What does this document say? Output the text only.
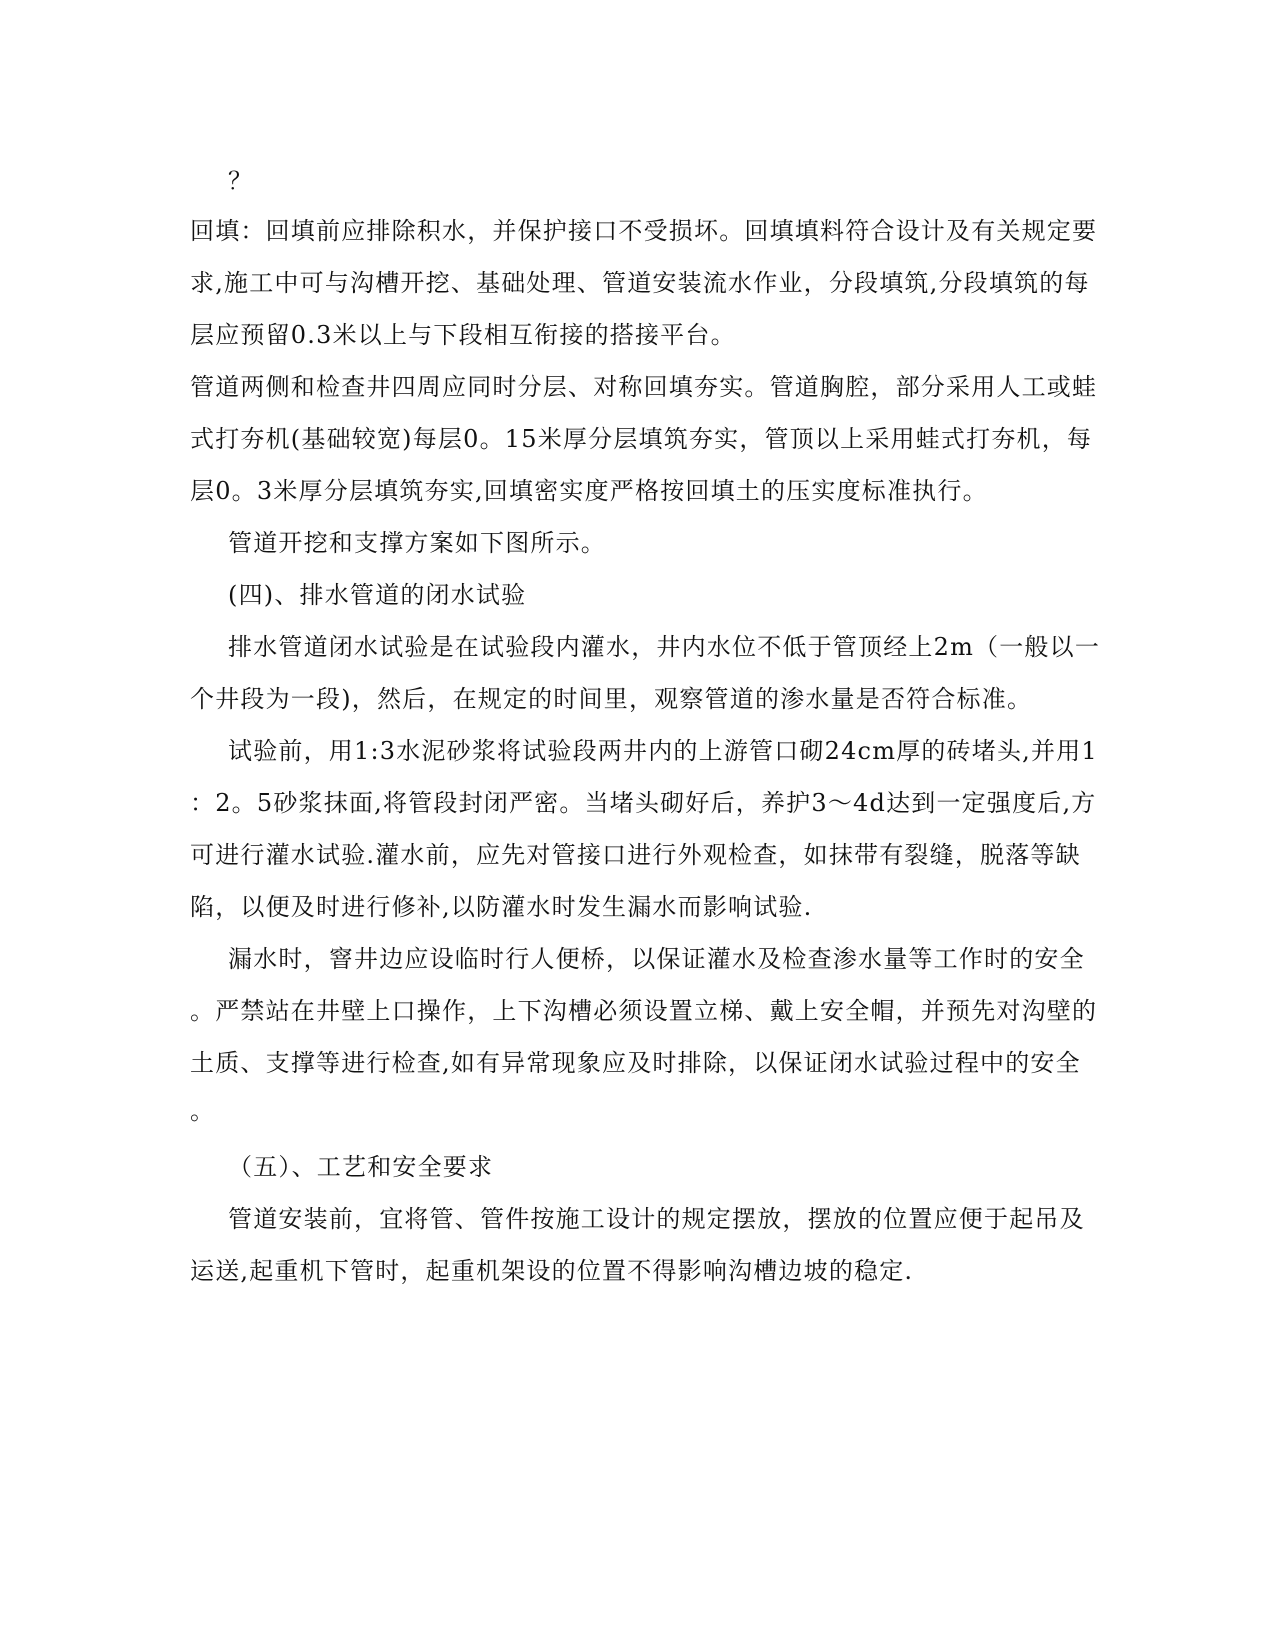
？
回填：回填前应排除积水，并保护接口不受损坏。回填填料符合设计及有关规定要
求,施工中可与沟槽开挖、基础处理、管道安装流水作业，分段填筑,分段填筑的每
层应预留0.3米以上与下段相互衔接的搭接平台。
管道两侧和检查井四周应同时分层、对称回填夯实。管道胸腔，部分采用人工或蛙
式打夯机(基础较宽)每层0。15米厚分层填筑夯实，管顶以上采用蛙式打夯机，每
层0。3米厚分层填筑夯实,回填密实度严格按回填土的压实度标准执行。
管道开挖和支撑方案如下图所示。
(四)、排水管道的闭水试验
排水管道闭水试验是在试验段内灌水，井内水位不低于管顶经上2m（一般以一
个井段为一段)，然后，在规定的时间里，观察管道的渗水量是否符合标准。
试验前，用1:3水泥砂浆将试验段两井内的上游管口砌24cm厚的砖堵头,并用1
：2。5砂浆抹面,将管段封闭严密。当堵头砌好后，养护3～4d达到一定强度后,方
可进行灌水试验.灌水前，应先对管接口进行外观检查，如抹带有裂缝，脱落等缺
陷，以便及时进行修补,以防灌水时发生漏水而影响试验.
漏水时，窨井边应设临时行人便桥，以保证灌水及检查渗水量等工作时的安全
。严禁站在井壁上口操作，上下沟槽必须设置立梯、戴上安全帽，并预先对沟壁的
土质、支撑等进行检查,如有异常现象应及时排除，以保证闭水试验过程中的安全
。
（五）、工艺和安全要求
管道安装前，宜将管、管件按施工设计的规定摆放，摆放的位置应便于起吊及
运送,起重机下管时，起重机架设的位置不得影响沟槽边坡的稳定.
